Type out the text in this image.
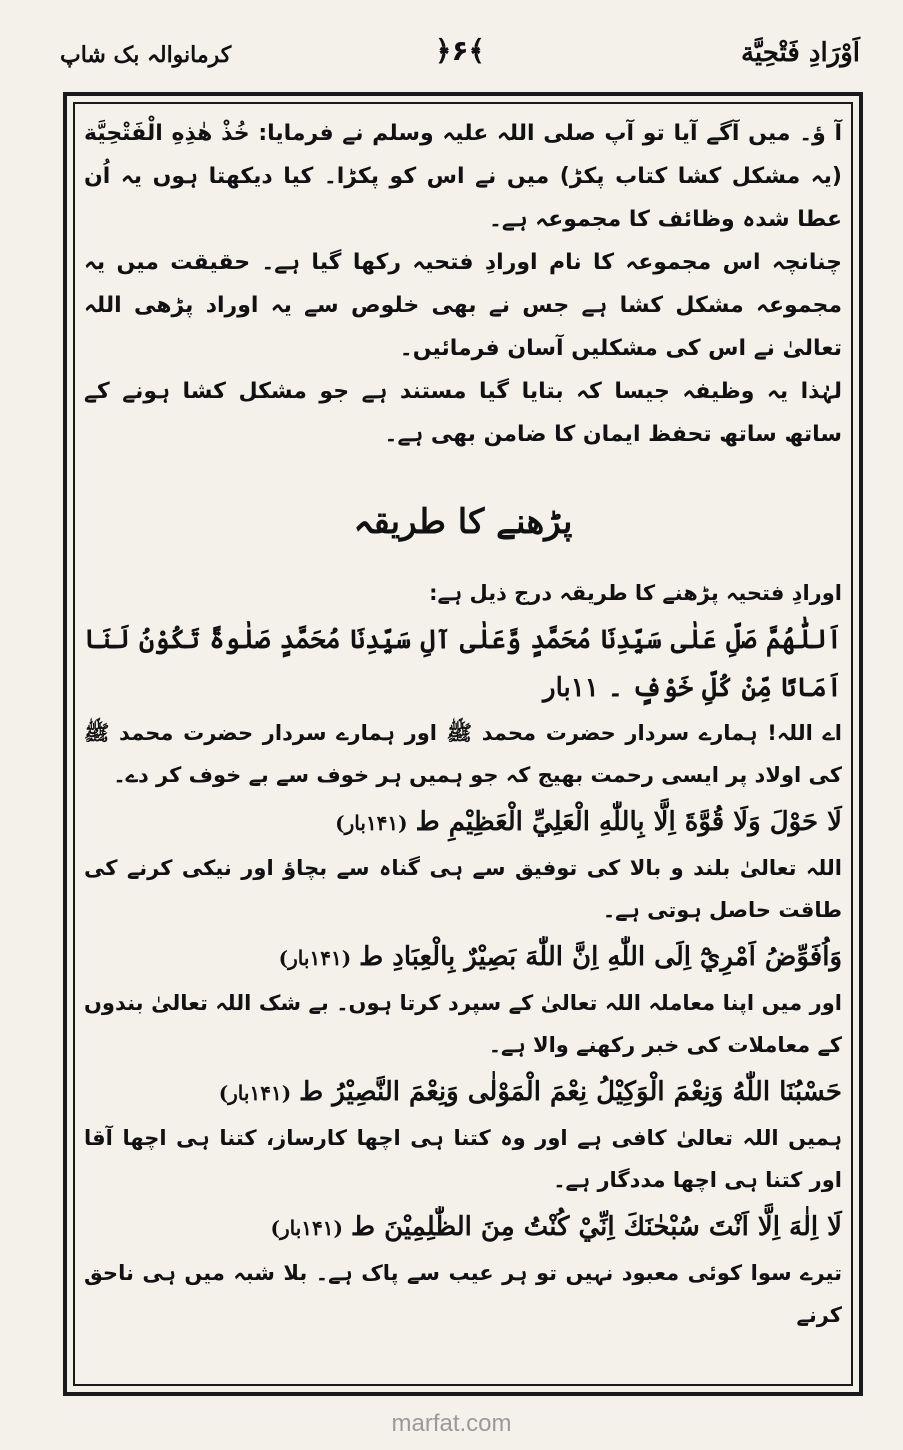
اَوْرَادِ فَتْحِيَّة
﴿۶﴾
کرمانوالہ بک شاپ

آ ؤ۔ میں آگے آیا تو آپ صلی اللہ علیہ وسلم نے فرمایا: خُذْ هٰذِهِ الْفَتْحِيَّة (یہ مشکل کشا کتاب پکڑ) میں نے اس کو پکڑا۔ کیا دیکھتا ہوں یہ اُن عطا شدہ وظائف کا مجموعہ ہے۔

چنانچہ اس مجموعہ کا نام اورادِ فتحیہ رکھا گیا ہے۔ حقیقت میں یہ مجموعہ مشکل کشا ہے جس نے بھی خلوص سے یہ اوراد پڑھی اللہ تعالیٰ نے اس کی مشکلیں آسان فرمائیں۔

لہٰذا یہ وظیفہ جیسا کہ بتایا گیا مستند ہے جو مشکل کشا ہونے کے ساتھ ساتھ تحفظ ایمان کا ضامن بھی ہے۔

پڑھنے کا طریقہ

اورادِ فتحیہ پڑھنے کا طریقہ درج ذیل ہے:

اَللّٰهُمَّ صَلِّ عَلٰى سَيِّدِنَا مُحَمَّدٍ وَّعَلٰى آلِ سَيِّدِنَا مُحَمَّدٍ صَلٰوةً تَكُوْنُ لَنَا اَمَانًا مِّنْ كُلِّ خَوْفٍ ۔ ۱۱بار

اے اللہ! ہمارے سردار حضرت محمد ﷺ اور ہمارے سردار حضرت محمد ﷺ کی اولاد پر ایسی رحمت بھیج کہ جو ہمیں ہر خوف سے بے خوف کر دے۔

لَا حَوْلَ وَلَا قُوَّةَ اِلَّا بِاللّٰهِ الْعَلِيِّ الْعَظِيْمِ ط(۱۴۱بار)

اللہ تعالیٰ بلند و بالا کی توفیق سے ہی گناہ سے بچاؤ اور نیکی کرنے کی طاقت حاصل ہوتی ہے۔

وَاُفَوِّضُ اَمْرِيْٓ اِلَى اللّٰهِ اِنَّ اللّٰهَ بَصِيْرٌ بِالْعِبَادِ ط(۱۴۱بار)

اور میں اپنا معاملہ اللہ تعالیٰ کے سپرد کرتا ہوں۔ بے شک اللہ تعالیٰ بندوں کے معاملات کی خبر رکھنے والا ہے۔

حَسْبُنَا اللّٰهُ وَنِعْمَ الْوَكِيْلُ نِعْمَ الْمَوْلٰى وَنِعْمَ النَّصِيْرُ ط(۱۴۱بار)

ہمیں اللہ تعالیٰ کافی ہے اور وہ کتنا ہی اچھا کارساز، کتنا ہی اچھا آقا اور کتنا ہی اچھا مددگار ہے۔

لَا اِلٰهَ اِلَّا اَنْتَ سُبْحٰنَكَ اِنِّيْ كُنْتُ مِنَ الظّٰلِمِيْنَ ط(۱۴۱بار)

تیرے سوا کوئی معبود نہیں تو ہر عیب سے پاک ہے۔ بلا شبہ میں ہی ناحق کرنے

marfat.com
